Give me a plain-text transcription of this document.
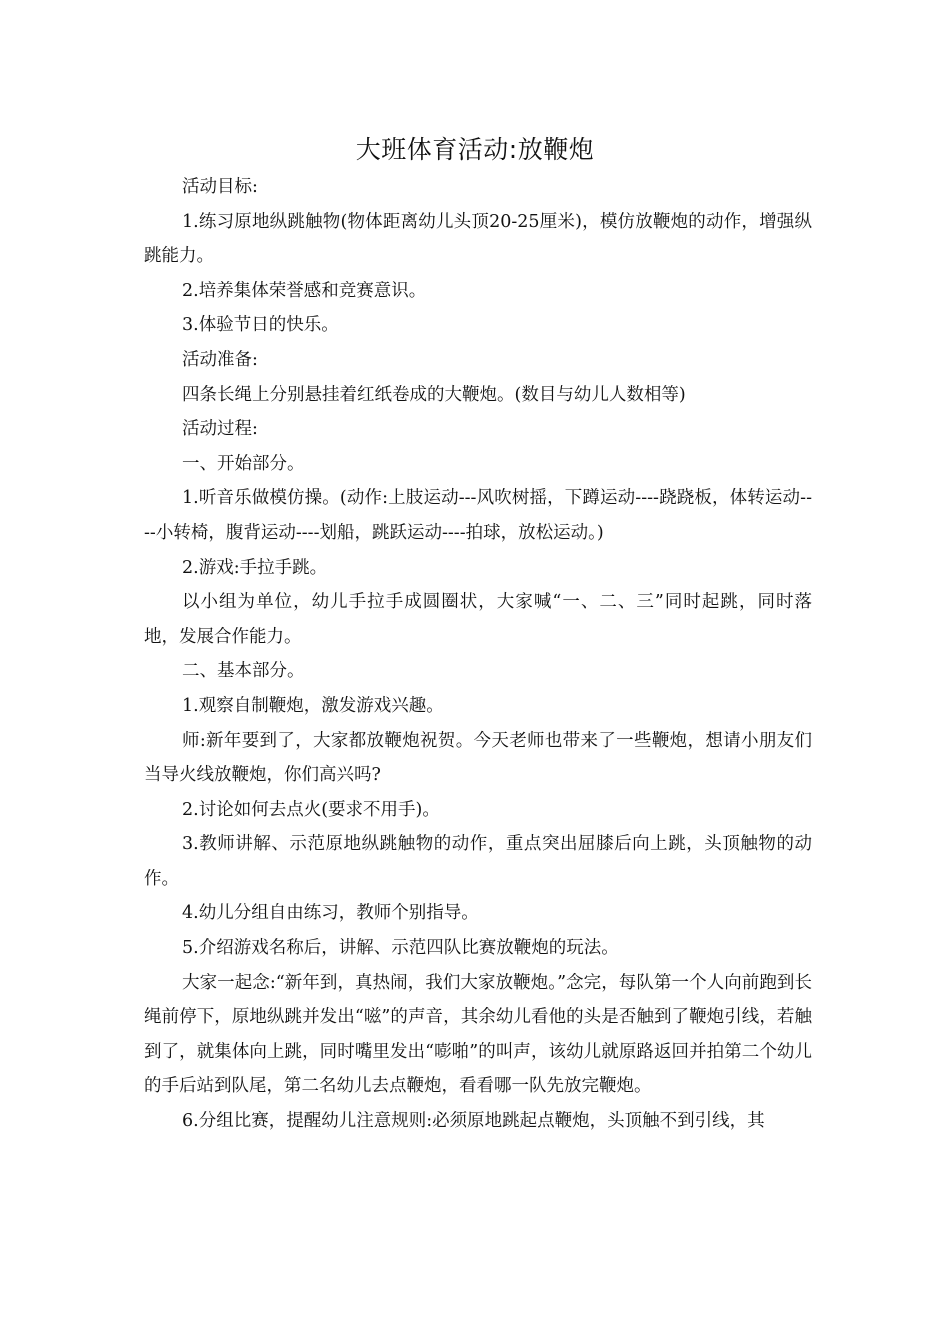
大班体育活动:放鞭炮

活动目标:

1.练习原地纵跳触物(物体距离幼儿头顶20-25厘米)，模仿放鞭炮的动作，增强纵跳能力。

2.培养集体荣誉感和竞赛意识。

3.体验节日的快乐。

活动准备:

四条长绳上分别悬挂着红纸卷成的大鞭炮。(数目与幼儿人数相等)

活动过程:

一、开始部分。

1.听音乐做模仿操。(动作:上肢运动---风吹树摇，下蹲运动----跷跷板，体转运动----小转椅，腹背运动----划船，跳跃运动----拍球，放松运动。)

2.游戏:手拉手跳。

以小组为单位，幼儿手拉手成圆圈状，大家喊“一、二、三”同时起跳，同时落地，发展合作能力。

二、基本部分。

1.观察自制鞭炮，激发游戏兴趣。

师:新年要到了，大家都放鞭炮祝贺。今天老师也带来了一些鞭炮，想请小朋友们当导火线放鞭炮，你们高兴吗?

2.讨论如何去点火(要求不用手)。

3.教师讲解、示范原地纵跳触物的动作，重点突出屈膝后向上跳，头顶触物的动作。

4.幼儿分组自由练习，教师个别指导。

5.介绍游戏名称后，讲解、示范四队比赛放鞭炮的玩法。

大家一起念:“新年到，真热闹，我们大家放鞭炮。”念完，每队第一个人向前跑到长绳前停下，原地纵跳并发出“嗞”的声音，其余幼儿看他的头是否触到了鞭炮引线，若触到了，就集体向上跳，同时嘴里发出“嘭啪”的叫声，该幼儿就原路返回并拍第二个幼儿的手后站到队尾，第二名幼儿去点鞭炮，看看哪一队先放完鞭炮。

6.分组比赛，提醒幼儿注意规则:必须原地跳起点鞭炮，头顶触不到引线，其
